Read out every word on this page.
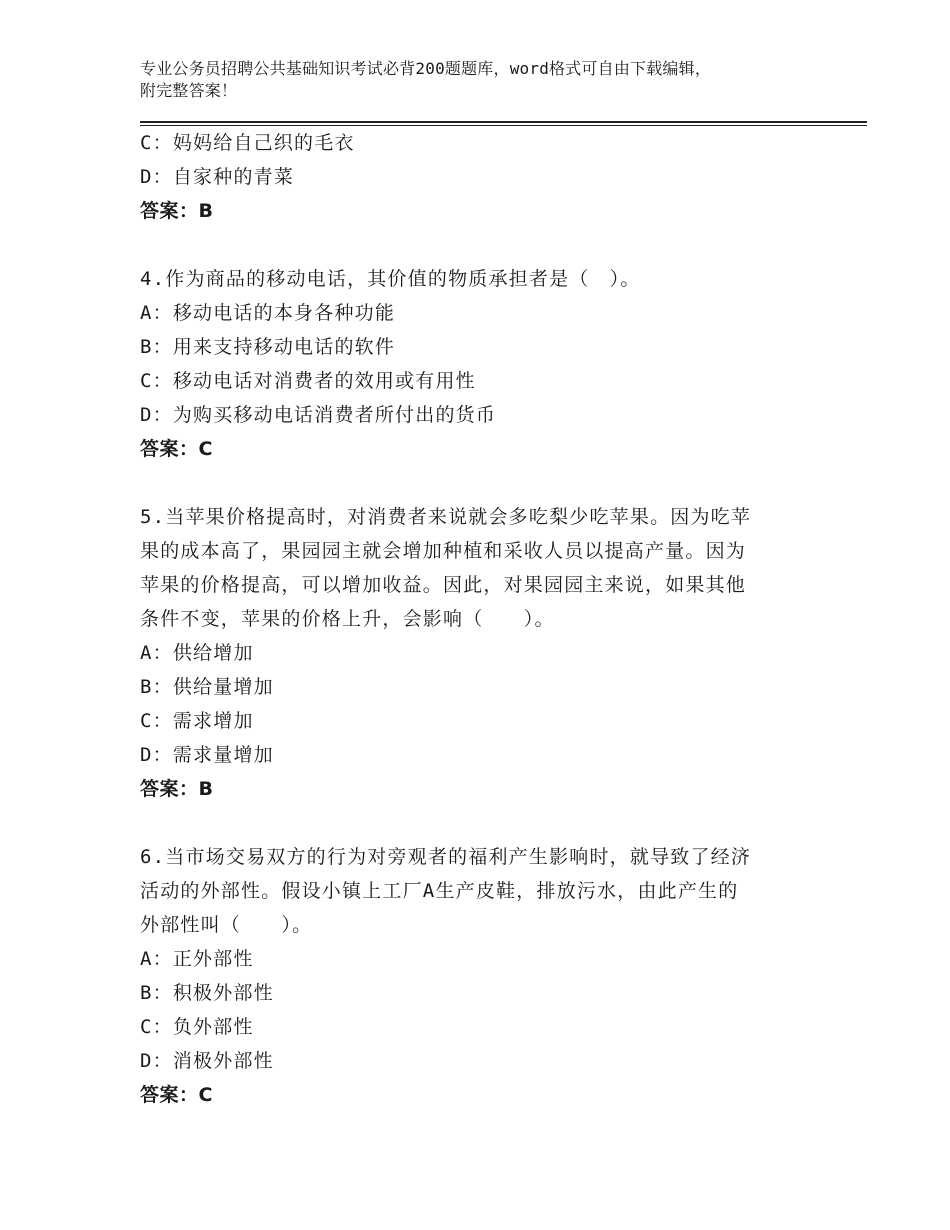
专业公务员招聘公共基础知识考试必背200题题库，word格式可自由下载编辑，
附完整答案！
C：妈妈给自己织的毛衣
D：自家种的青菜
答案：B
4.作为商品的移动电话，其价值的物质承担者是（　）。
A：移动电话的本身各种功能
B：用来支持移动电话的软件
C：移动电话对消费者的效用或有用性
D：为购买移动电话消费者所付出的货币
答案：C
5.当苹果价格提高时，对消费者来说就会多吃梨少吃苹果。因为吃苹
果的成本高了，果园园主就会增加种植和采收人员以提高产量。因为
苹果的价格提高，可以增加收益。因此，对果园园主来说，如果其他
条件不变，苹果的价格上升，会影响（　　）。
A：供给增加
B：供给量增加
C：需求增加
D：需求量增加
答案：B
6.当市场交易双方的行为对旁观者的福利产生影响时，就导致了经济
活动的外部性。假设小镇上工厂A生产皮鞋，排放污水，由此产生的
外部性叫（　　）。
A：正外部性
B：积极外部性
C：负外部性
D：消极外部性
答案：C
